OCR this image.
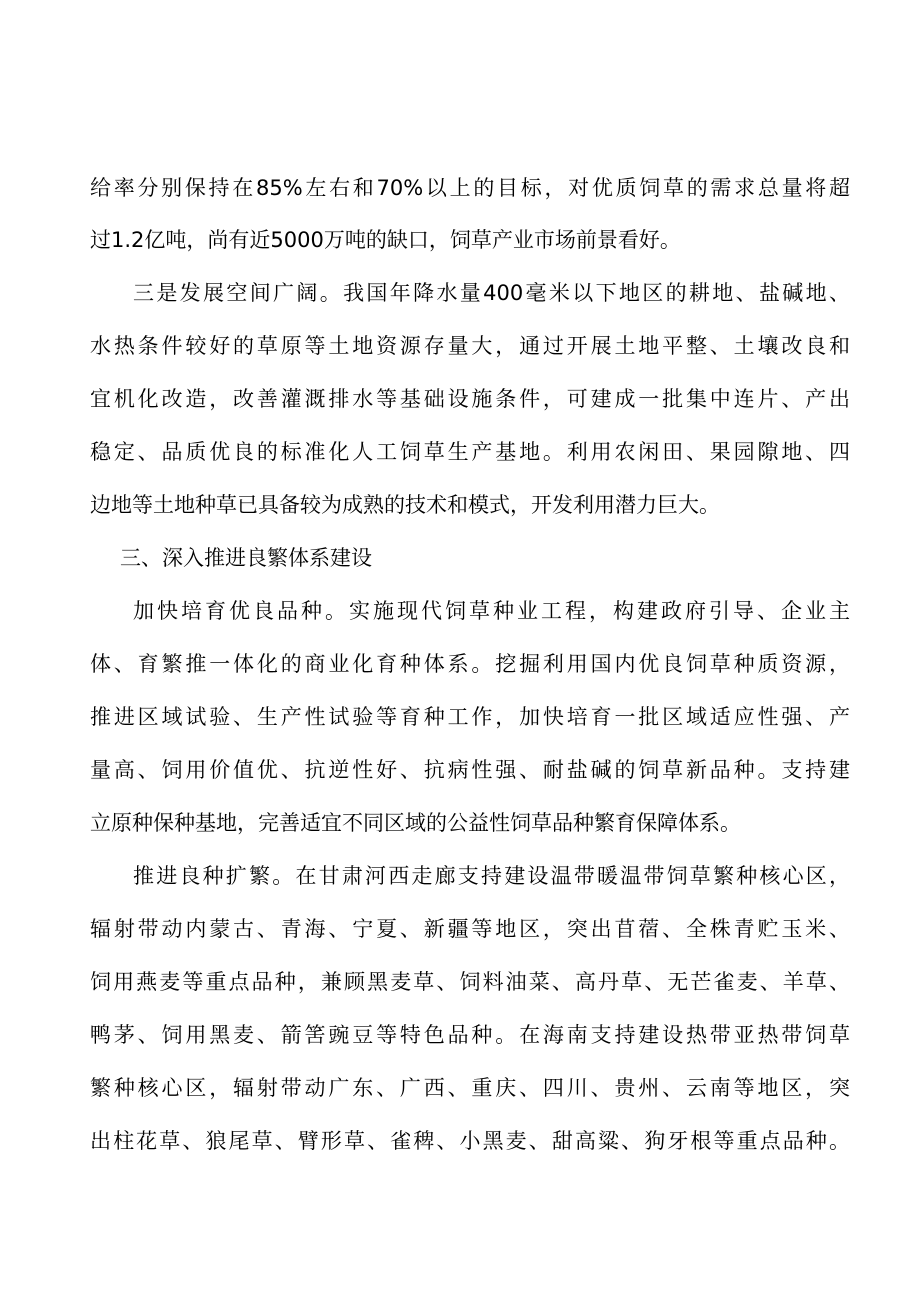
给率分别保持在85%左右和70%以上的目标，对优质饲草的需求总量将超
过1.2亿吨，尚有近5000万吨的缺口，饲草产业市场前景看好。
三是发展空间广阔。我国年降水量400毫米以下地区的耕地、盐碱地、
水热条件较好的草原等土地资源存量大，通过开展土地平整、土壤改良和
宜机化改造，改善灌溉排水等基础设施条件，可建成一批集中连片、产出
稳定、品质优良的标准化人工饲草生产基地。利用农闲田、果园隙地、四
边地等土地种草已具备较为成熟的技术和模式，开发利用潜力巨大。
三、深入推进良繁体系建设
加快培育优良品种。实施现代饲草种业工程，构建政府引导、企业主
体、育繁推一体化的商业化育种体系。挖掘利用国内优良饲草种质资源，
推进区域试验、生产性试验等育种工作，加快培育一批区域适应性强、产
量高、饲用价值优、抗逆性好、抗病性强、耐盐碱的饲草新品种。支持建
立原种保种基地，完善适宜不同区域的公益性饲草品种繁育保障体系。
推进良种扩繁。在甘肃河西走廊支持建设温带暖温带饲草繁种核心区，
辐射带动内蒙古、青海、宁夏、新疆等地区，突出苜蓿、全株青贮玉米、
饲用燕麦等重点品种，兼顾黑麦草、饲料油菜、高丹草、无芒雀麦、羊草、
鸭茅、饲用黑麦、箭筈豌豆等特色品种。在海南支持建设热带亚热带饲草
繁种核心区，辐射带动广东、广西、重庆、四川、贵州、云南等地区，突
出柱花草、狼尾草、臂形草、雀稗、小黑麦、甜高粱、狗牙根等重点品种。
